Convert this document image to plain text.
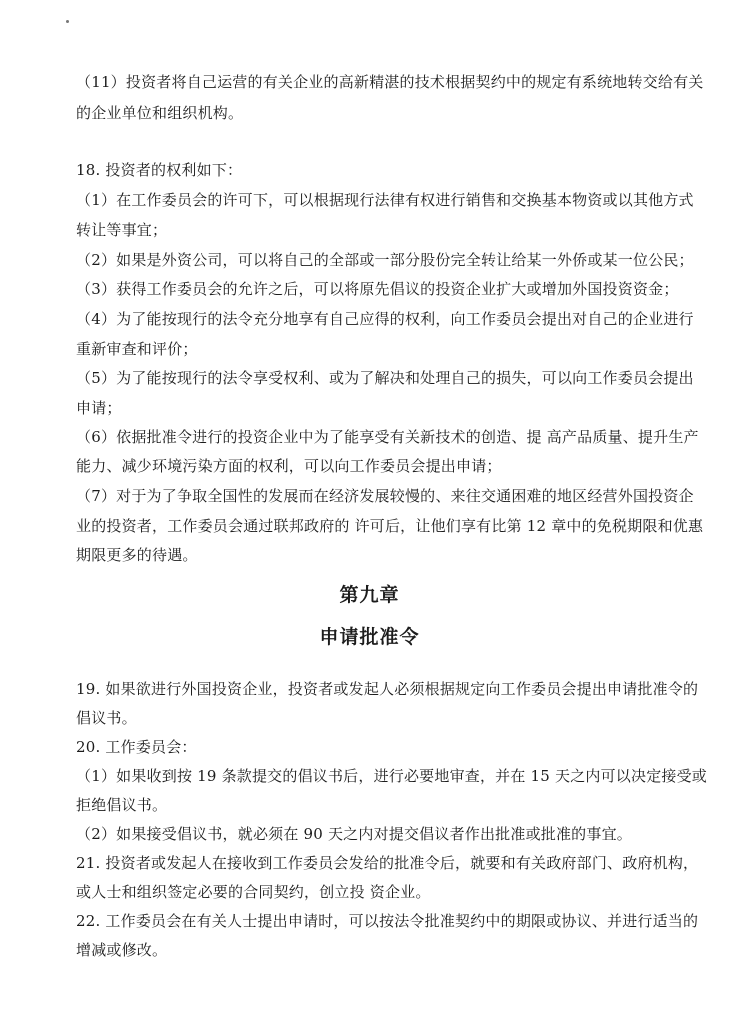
（11）投资者将自己运营的有关企业的高新精湛的技术根据契约中的规定有系统地转交给有关
的企业单位和组织机构。
18. 投资者的权利如下：
（1）在工作委员会的许可下，可以根据现行法律有权进行销售和交换基本物资或以其他方式
转让等事宜；
（2）如果是外资公司，可以将自己的全部或一部分股份完全转让给某一外侨或某一位公民；
（3）获得工作委员会的允许之后，可以将原先倡议的投资企业扩大或增加外国投资资金；
（4）为了能按现行的法令充分地享有自己应得的权利，向工作委员会提出对自己的企业进行
重新审查和评价；
（5）为了能按现行的法令享受权利、或为了解决和处理自己的损失，可以向工作委员会提出
申请；
（6）依据批准令进行的投资企业中为了能享受有关新技术的创造、提 高产品质量、提升生产
能力、减少环境污染方面的权利，可以向工作委员会提出申请；
（7）对于为了争取全国性的发展而在经济发展较慢的、来往交通困难的地区经营外国投资企
业的投资者，工作委员会通过联邦政府的 许可后，让他们享有比第 12 章中的免税期限和优惠
期限更多的待遇。
第九章
申请批准令
19. 如果欲进行外国投资企业，投资者或发起人必须根据规定向工作委员会提出申请批准令的
倡议书。
20. 工作委员会：
（1）如果收到按 19 条款提交的倡议书后，进行必要地审查，并在 15 天之内可以决定接受或
拒绝倡议书。
（2）如果接受倡议书，就必须在 90 天之内对提交倡议者作出批准或批准的事宜。
21. 投资者或发起人在接收到工作委员会发给的批准令后，就要和有关政府部门、政府机构，
或人士和组织签定必要的合同契约，创立投 资企业。
22. 工作委员会在有关人士提出申请时，可以按法令批准契约中的期限或协议、并进行适当的
增减或修改。
